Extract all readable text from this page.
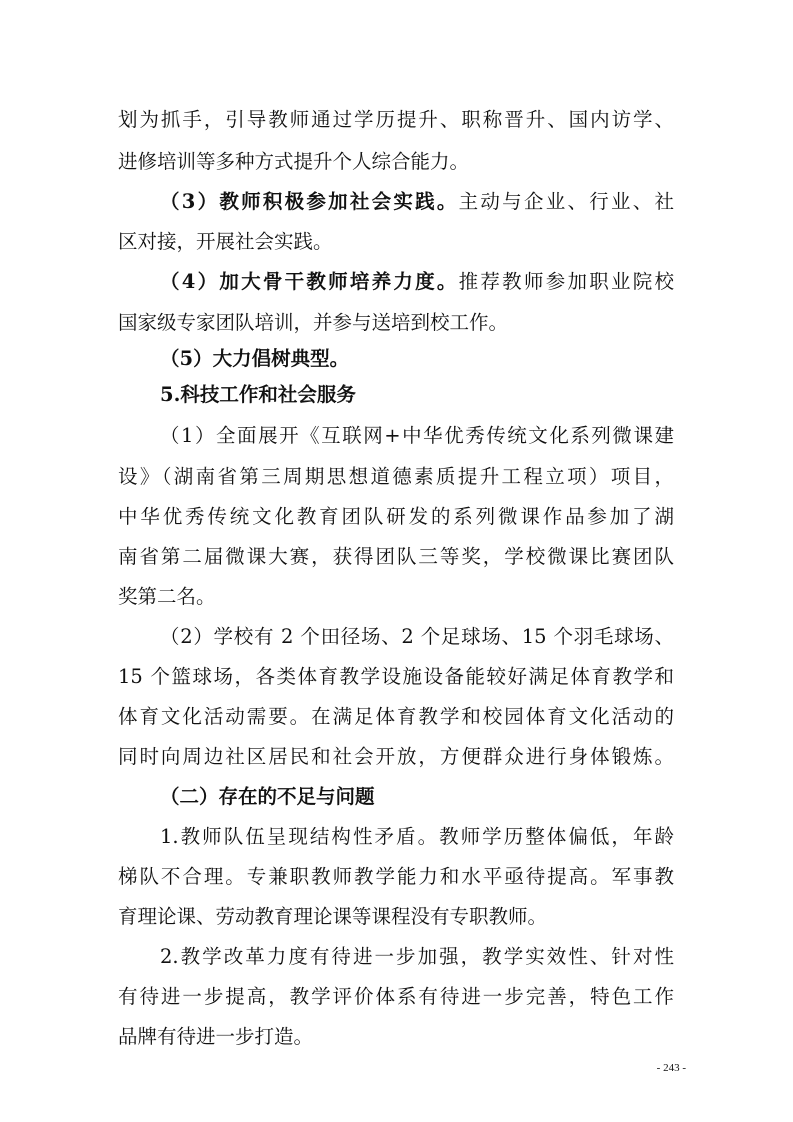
划为抓手，引导教师通过学历提升、职称晋升、国内访学、
进修培训等多种方式提升个人综合能力。
（3）教师积极参加社会实践。主动与企业、行业、社
区对接，开展社会实践。
（4）加大骨干教师培养力度。推荐教师参加职业院校
国家级专家团队培训，并参与送培到校工作。
（5）大力倡树典型。
5.科技工作和社会服务
（1）全面展开《互联网+中华优秀传统文化系列微课建
设》（湖南省第三周期思想道德素质提升工程立项）项目，
中华优秀传统文化教育团队研发的系列微课作品参加了湖
南省第二届微课大赛，获得团队三等奖，学校微课比赛团队
奖第二名。
（2）学校有 2 个田径场、2 个足球场、15 个羽毛球场、
15 个篮球场，各类体育教学设施设备能较好满足体育教学和
体育文化活动需要。在满足体育教学和校园体育文化活动的
同时向周边社区居民和社会开放，方便群众进行身体锻炼。
（二）存在的不足与问题
1.教师队伍呈现结构性矛盾。教师学历整体偏低，年龄
梯队不合理。专兼职教师教学能力和水平亟待提高。军事教
育理论课、劳动教育理论课等课程没有专职教师。
2.教学改革力度有待进一步加强，教学实效性、针对性
有待进一步提高，教学评价体系有待进一步完善，特色工作
品牌有待进一步打造。
- 243 -
